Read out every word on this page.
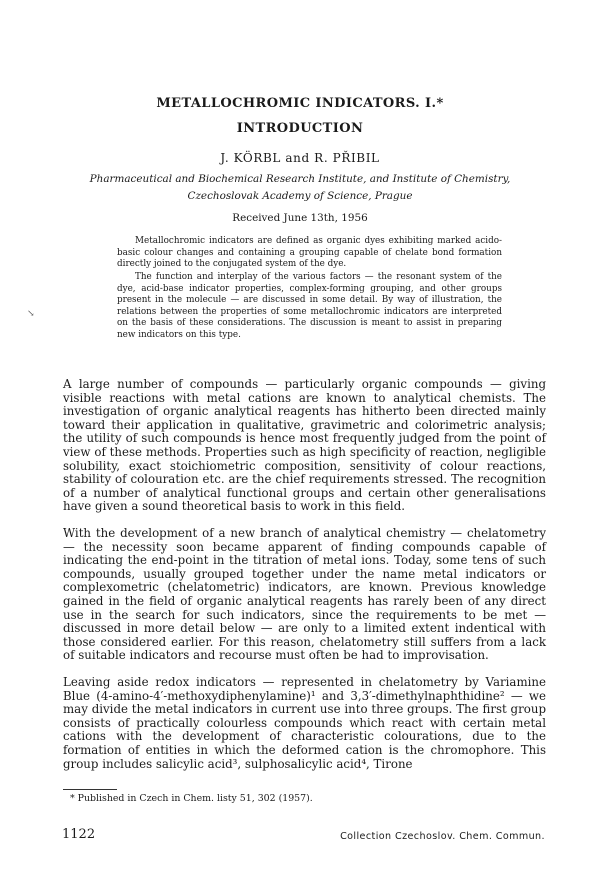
METALLOCHROMIC INDICATORS. I.*
INTRODUCTION
J. KÖRBL and R. PŘIBIL
Pharmaceutical and Biochemical Research Institute, and Institute of Chemistry,
Czechoslovak Academy of Science, Prague
Received June 13th, 1956

Metallochromic indicators are defined as organic dyes exhibiting marked acido-basic colour changes and containing a grouping capable of chelate bond formation directly joined to the conjugated system of the dye.

The function and interplay of the various factors — the resonant system of the dye, acid-base indicator properties, complex-forming grouping, and other groups present in the molecule — are discussed in some detail. By way of illustration, the relations between the properties of some metallochromic indicators are interpreted on the basis of these considerations. The discussion is meant to assist in preparing new indicators on this type.

↘

A large number of compounds — particularly organic compounds — giving visible reactions with metal cations are known to analytical chemists. The investigation of organic analytical reagents has hitherto been directed mainly toward their application in qualitative, gravimetric and colorimetric analysis; the utility of such compounds is hence most frequently judged from the point of view of these methods. Properties such as high specificity of reaction, negligible solubility, exact stoichiometric composition, sensitivity of colour reactions, stability of colouration etc. are the chief requirements stressed. The recognition of a number of analytical functional groups and certain other generalisations have given a sound theoretical basis to work in this field.

With the development of a new branch of analytical chemistry — chelatometry — the necessity soon became apparent of finding compounds capable of indicating the end-point in the titration of metal ions. Today, some tens of such compounds, usually grouped together under the name metal indicators or complexometric (chelatometric) indicators, are known. Previous knowledge gained in the field of organic analytical reagents has rarely been of any direct use in the search for such indicators, since the requirements to be met — discussed in more detail below — are only to a limited extent indentical with those considered earlier. For this reason, chelatometry still suffers from a lack of suitable indicators and recourse must often be had to improvisation.

Leaving aside redox indicators — represented in chelatometry by Variamine Blue (4-amino-4′-methoxydiphenylamine)¹ and 3,3′-dimethylnaphthidine² — we may divide the metal indicators in current use into three groups. The first group consists of practically colourless compounds which react with certain metal cations with the development of characteristic colourations, due to the formation of entities in which the deformed cation is the chromophore. This group includes salicylic acid³, sulphosalicylic acid⁴, Tirone

* Published in Czech in Chem. listy 51, 302 (1957).
1122	Collection Czechoslov. Chem. Commun.
